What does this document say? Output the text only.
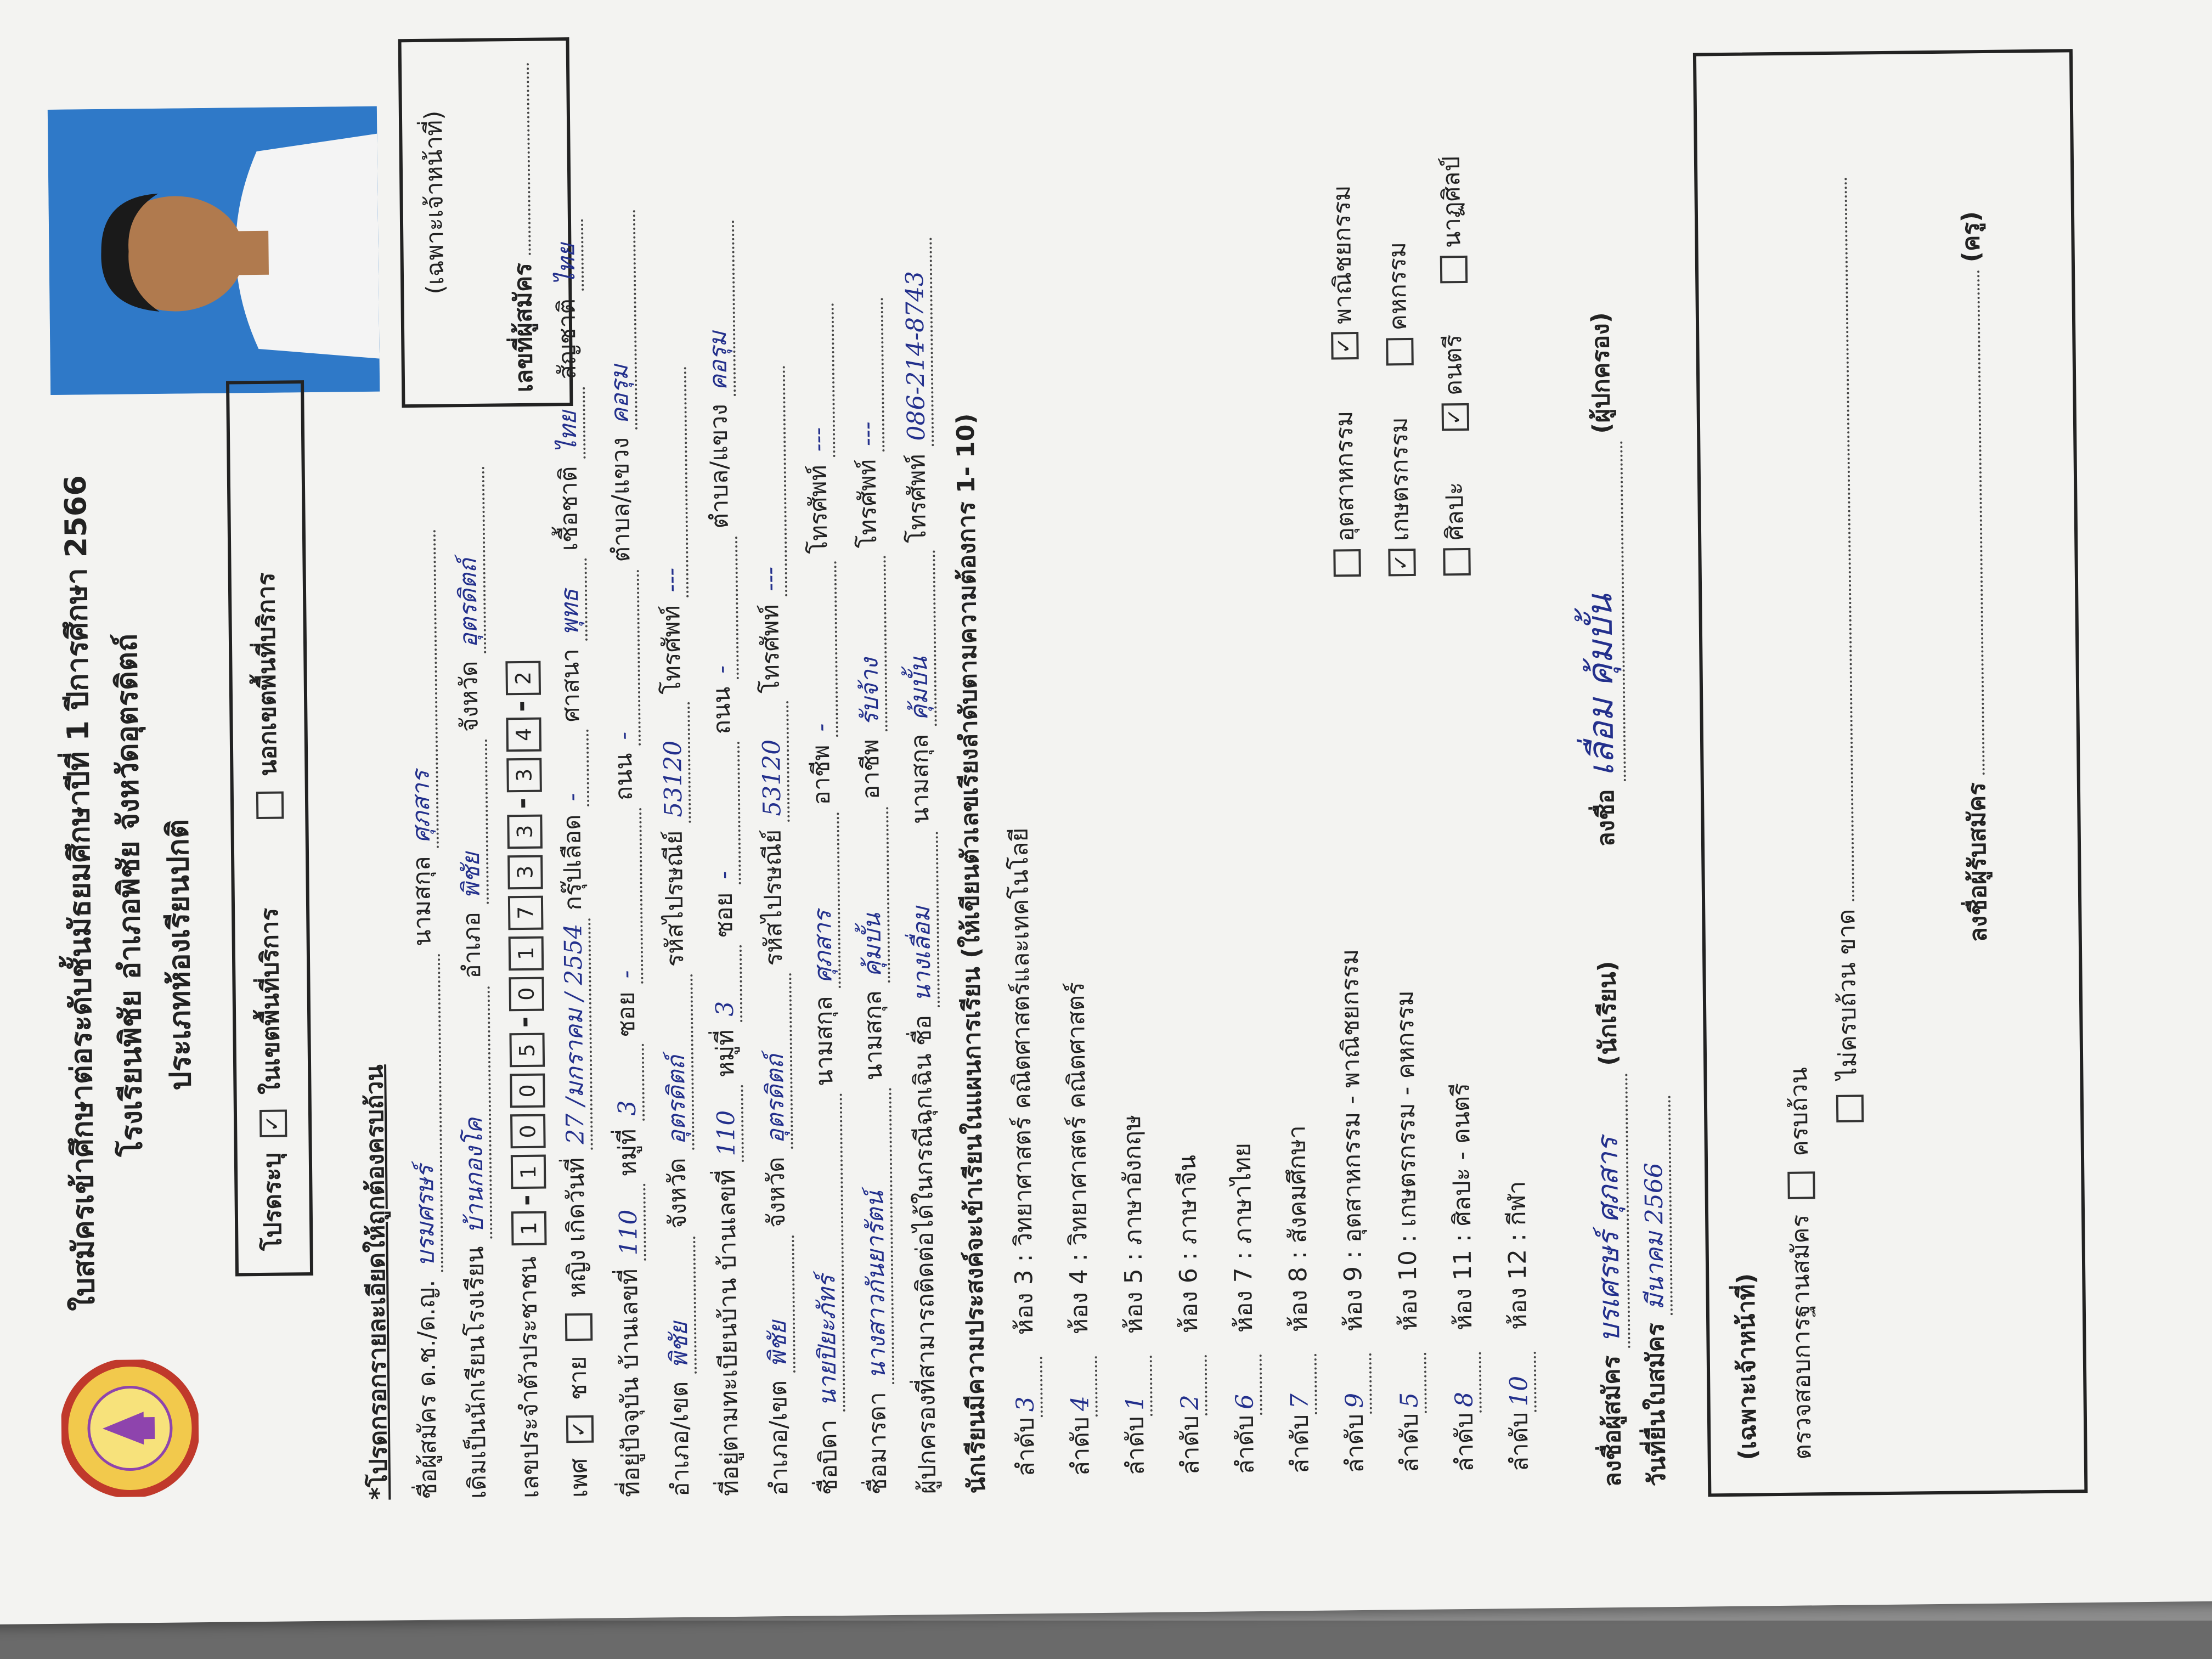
ใบสมัครเข้าศึกษาต่อระดับชั้นมัธยมศึกษาปีที่ 1 ปีการศึกษา 2566 โรงเรียนพิชัย อำเภอพิชัย จังหวัดอุตรดิตถ์ ประเภทห้องเรียนปกติ
(เฉพาะเจ้าหน้าที่)
เลขที่ผู้สมัคร
โปรดระบุ ✓ ในเขตพื้นที่บริการ   นอกเขตพื้นที่บริการ
*โปรดกรอกรายละเอียดให้ถูกต้องครบถ้วน ชื่อผู้สมัคร ด.ช./ด.ญ. บรมศรษร์ นามสกุล ศุภสาร
เดิมเป็นนักเรียนโรงเรียน บ้านกองโค อำเภอ พิชัย จังหวัด อุตรดิตถ์
เลขประจำตัวประชาชน 1-1005-01733-34-2
เพศ ✓ ชาย  หญิง เกิดวันที่ 27 /มกราคม / 2554 กรุ๊ปเลือด - ศาสนา พุทธ เชื้อชาติ ไทย สัญชาติ ไทย
ที่อยู่ปัจจุบัน บ้านเลขที่ 110 หมู่ที่ 3 ซอย - ถนน - ตำบล/แขวง คอรุม
อำเภอ/เขต พิชัย จังหวัด อุตรดิตถ์ รหัสไปรษณีย์ 53120 โทรศัพท์ ---
ที่อยู่ตามทะเบียนบ้าน บ้านเลขที่ 110 หมู่ที่ 3 ซอย - ถนน - ตำบล/แขวง คอรุม
อำเภอ/เขต พิชัย จังหวัด อุตรดิตถ์ รหัสไปรษณีย์ 53120 โทรศัพท์ ---
ชื่อบิดา นายปิยะภัทร์ นามสกุล ศุภสาร อาชีพ - โทรศัพท์ ---
ชื่อมารดา นางสาวกันยารัตน์ นามสกุล คุ้มบั้น อาชีพ รับจ้าง โทรศัพท์ ---
ผู้ปกครองที่สามารถติดต่อได้ในกรณีฉุกเฉิน ชื่อ นางเลื่อม นามสกุล คุ้มบั้น โทรศัพท์ 086-214-8743
นักเรียนมีความประสงค์จะเข้าเรียนในแผนการเรียน (ให้เขียนตัวเลขเรียงลำดับตามความต้องการ 1- 10) ลำดับ3ห้อง 3 : วิทยาศาสตร์ คณิตศาสตร์และเทคโนโลยี
ลำดับ4ห้อง 4 : วิทยาศาสตร์ คณิตศาสตร์
ลำดับ1ห้อง 5 : ภาษาอังกฤษ
ลำดับ2ห้อง 6 : ภาษาจีน
ลำดับ6ห้อง 7 : ภาษาไทย
ลำดับ7ห้อง 8 : สังคมศึกษา
ลำดับ9ห้อง 9 : อุตสาหกรรม - พาณิชยกรรม
ลำดับ5ห้อง 10 : เกษตรกรรม - คหกรรม
ลำดับ8ห้อง 11 : ศิลปะ - ดนตรี
ลำดับ10ห้อง 12 : กีฬา
อุตสาหกรรม✓พาณิชยกรรม
✓เกษตรกรรมคหกรรม
ศิลปะ✓ดนตรีนาฏศิลป์
ลงชื่อผู้สมัคร บรเศรษร์ ศุภสาร (นักเรียน)  ลงชื่อ เลื่อม คุ้มบั้น (ผู้ปกครอง)
วันที่ยื่นใบสมัคร มีนาคม 2566
(เฉพาะเจ้าหน้าที่) ตรวจสอบการฐานสมัคร  ครบถ้วน
ไม่ครบถ้วน ขาด
ลงชื่อผู้รับสมัคร  (ครู)
